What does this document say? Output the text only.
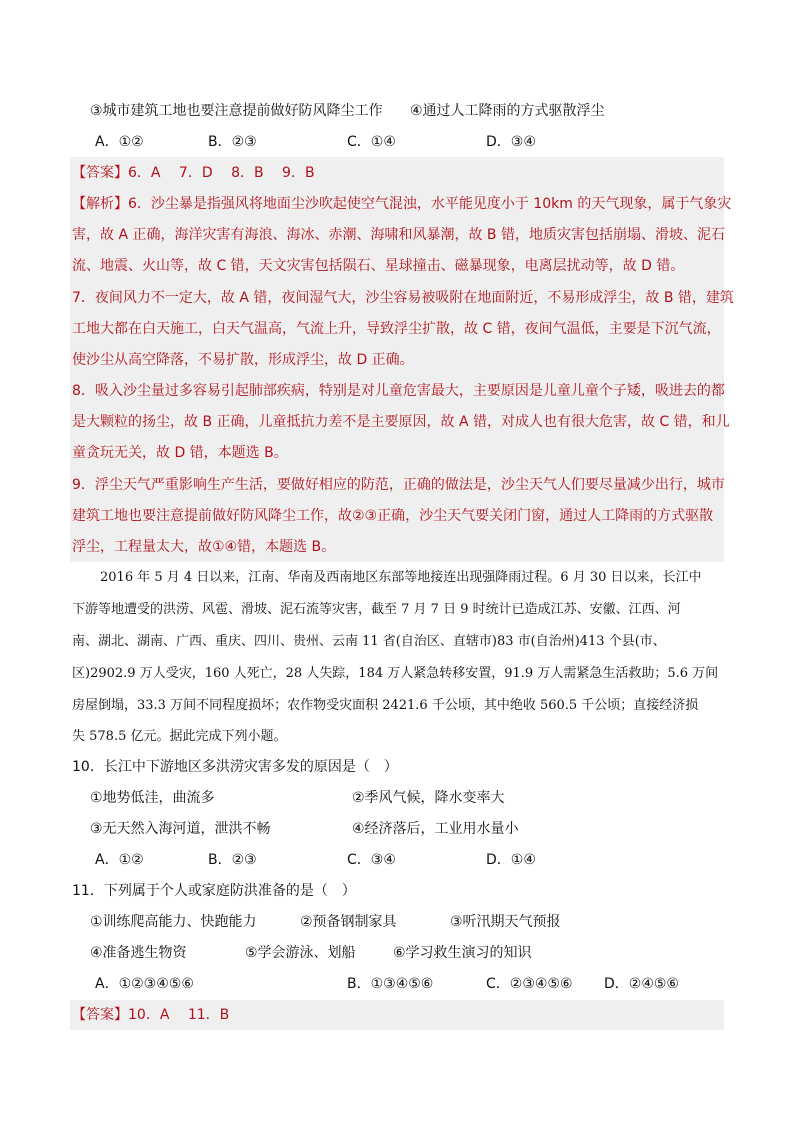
③城市建筑工地也要注意提前做好防风降尘工作 ④通过人工降雨的方式驱散浮尘
A．①②	B．②③	C．①④	D．③④
【答案】6．A　 7．D　 8．B　 9．B
【解析】6．沙尘暴是指强风将地面尘沙吹起使空气混浊，水平能见度小于 10km 的天气现象，属于气象灾
害，故 A 正确，海洋灾害有海浪、海冰、赤潮、海啸和风暴潮，故 B 错，地质灾害包括崩塌、滑坡、泥石
流、地震、火山等，故 C 错，天文灾害包括陨石、星球撞击、磁暴现象，电离层扰动等，故 D 错。
7．夜间风力不一定大，故 A 错，夜间湿气大，沙尘容易被吸附在地面附近，不易形成浮尘，故 B 错，建筑
工地大都在白天施工，白天气温高，气流上升，导致浮尘扩散，故 C 错，夜间气温低，主要是下沉气流，
使沙尘从高空降落，不易扩散，形成浮尘，故 D 正确。
8．吸入沙尘量过多容易引起肺部疾病，特别是对儿童危害最大，主要原因是儿童儿童个子矮，吸进去的都
是大颗粒的扬尘，故 B 正确，儿童抵抗力差不是主要原因，故 A 错，对成人也有很大危害，故 C 错，和儿
童贪玩无关，故 D 错，本题选 B。
9．浮尘天气严重影响生产生活，要做好相应的防范，正确的做法是，沙尘天气人们要尽量减少出行，城市
建筑工地也要注意提前做好防风降尘工作，故②③正确，沙尘天气要关闭门窗，通过人工降雨的方式驱散
浮尘，工程量太大，故①④错，本题选 B。
2016 年 5 月 4 日以来，江南、华南及西南地区东部等地接连出现强降雨过程。6 月 30 日以来，长江中
下游等地遭受的洪涝、风雹、滑坡、泥石流等灾害，截至 7 月 7 日 9 时统计已造成江苏、安徽、江西、河
南、湖北、湖南、广西、重庆、四川、贵州、云南 11 省(自治区、直辖市)83 市(自治州)413 个县(市、
区)2902.9 万人受灾，160 人死亡，28 人失踪，184 万人紧急转移安置，91.9 万人需紧急生活救助；5.6 万间
房屋倒塌，33.3 万间不同程度损坏；农作物受灾面积 2421.6 千公顷，其中绝收 560.5 千公顷；直接经济损
失 578.5 亿元。据此完成下列小题。
10．长江中下游地区多洪涝灾害多发的原因是（　）
①地势低洼，曲流多	②季风气候，降水变率大
③无天然入海河道，泄洪不畅	④经济落后，工业用水量小
A．①②	B．②③	C．③④	D．①④
11．下列属于个人或家庭防洪准备的是（　）
①训练爬高能力、快跑能力	②预备钢制家具	③听汛期天气预报
④准备逃生物资	⑤学会游泳、划船	⑥学习救生演习的知识
A．①②③④⑤⑥	B．①③④⑤⑥	C．②③④⑤⑥ D．②④⑤⑥
【答案】10．A　 11．B
